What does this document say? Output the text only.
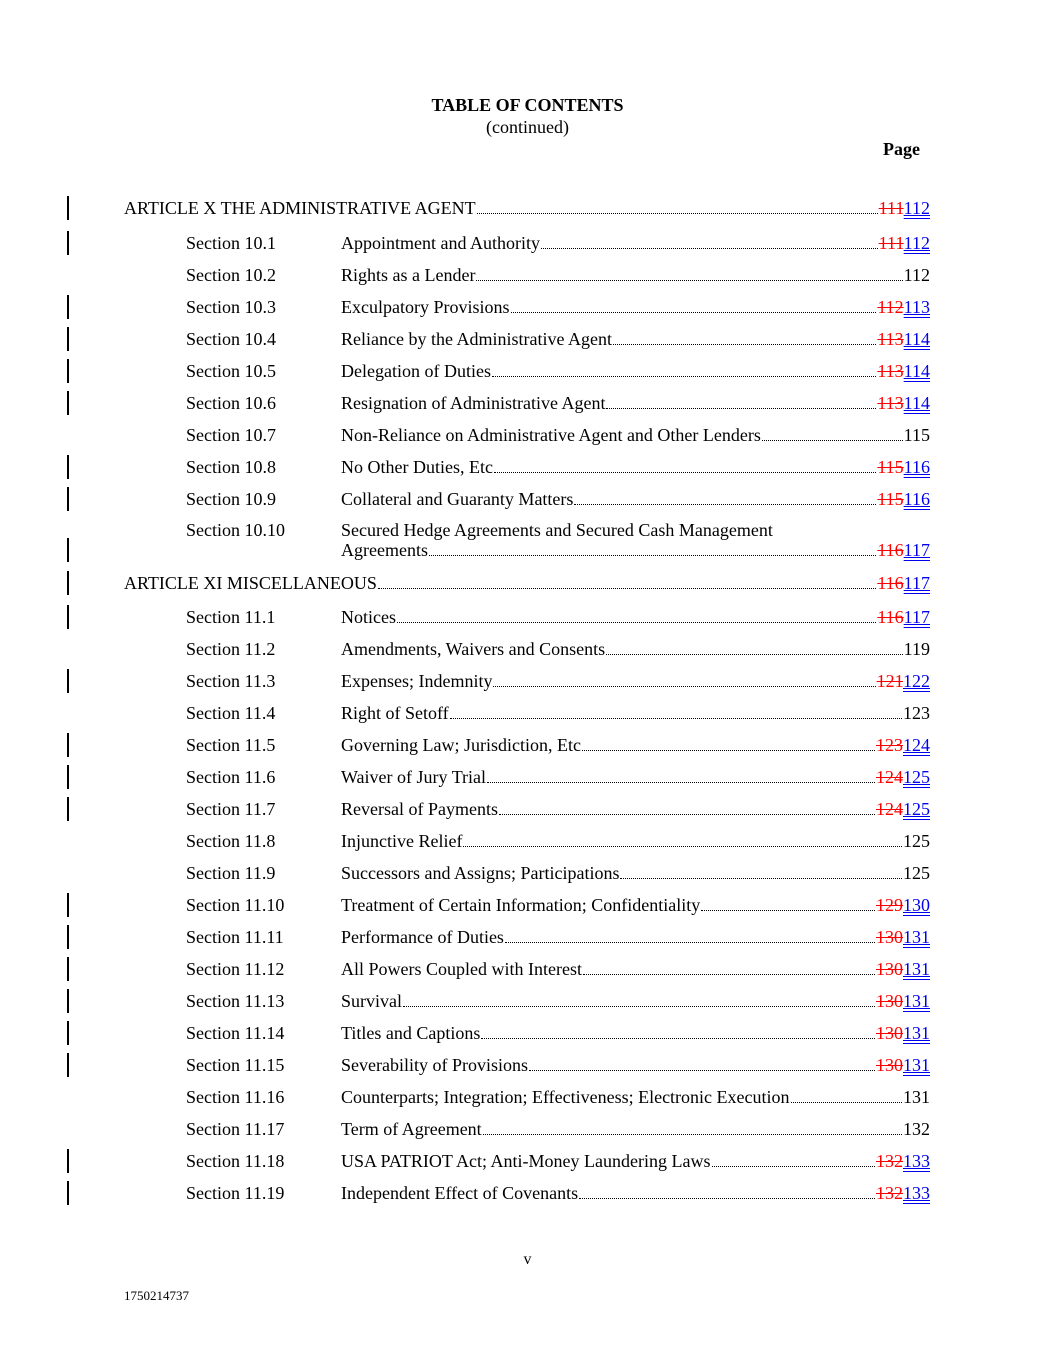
TABLE OF CONTENTS
(continued)
Page
ARTICLE X THE ADMINISTRATIVE AGENT	111112
Section 10.1	Appointment and Authority	111112
Section 10.2	Rights as a Lender	112
Section 10.3	Exculpatory Provisions	112113
Section 10.4	Reliance by the Administrative Agent	113114
Section 10.5	Delegation of Duties	113114
Section 10.6	Resignation of Administrative Agent	113114
Section 10.7	Non-Reliance on Administrative Agent and Other Lenders	115
Section 10.8	No Other Duties, Etc	115116
Section 10.9	Collateral and Guaranty Matters	115116
Section 10.10	Secured Hedge Agreements and Secured Cash Management
Agreements	116117
ARTICLE XI MISCELLANEOUS	116117
Section 11.1	Notices	116117
Section 11.2	Amendments, Waivers and Consents	119
Section 11.3	Expenses; Indemnity	121122
Section 11.4	Right of Setoff	123
Section 11.5	Governing Law; Jurisdiction, Etc	123124
Section 11.6	Waiver of Jury Trial	124125
Section 11.7	Reversal of Payments	124125
Section 11.8	Injunctive Relief	125
Section 11.9	Successors and Assigns; Participations	125
Section 11.10	Treatment of Certain Information; Confidentiality	129130
Section 11.11	Performance of Duties	130131
Section 11.12	All Powers Coupled with Interest	130131
Section 11.13	Survival	130131
Section 11.14	Titles and Captions	130131
Section 11.15	Severability of Provisions	130131
Section 11.16	Counterparts; Integration; Effectiveness; Electronic Execution	131
Section 11.17	Term of Agreement	132
Section 11.18	USA PATRIOT Act; Anti-Money Laundering Laws	132133
Section 11.19	Independent Effect of Covenants	132133
v
1750214737
